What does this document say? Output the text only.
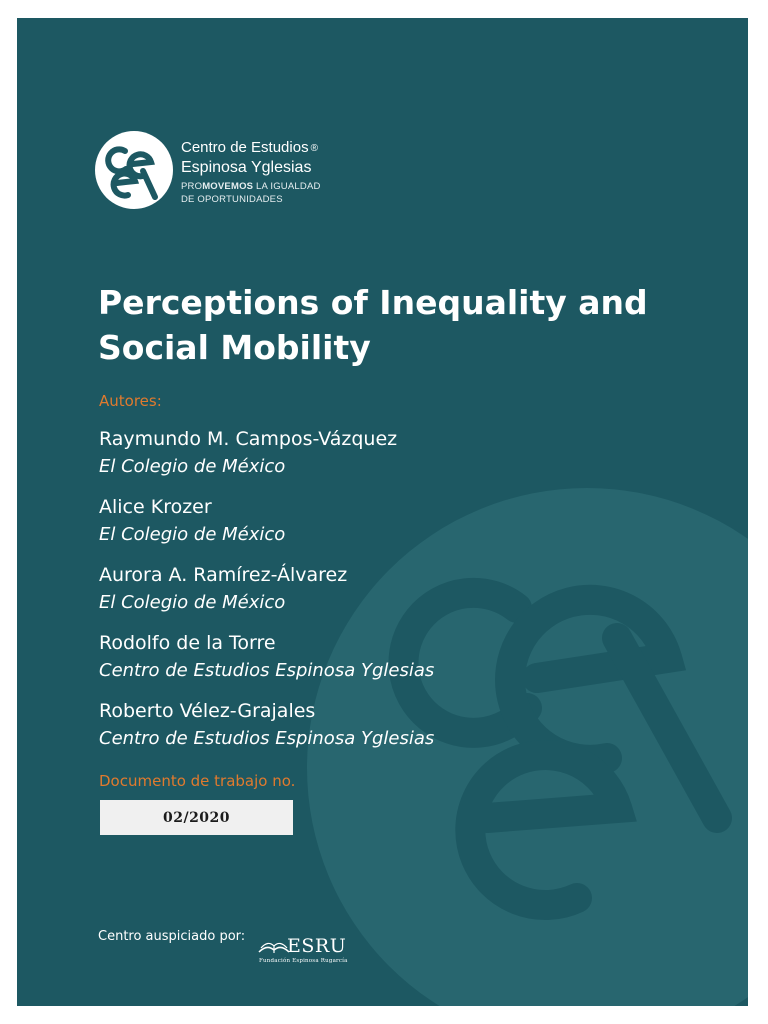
Centro de Estudios ®
Espinosa Yglesias
PROMOVEMOS LA IGUALDAD
DE OPORTUNIDADES
Perceptions of Inequality and
Social Mobility
Autores:
Raymundo M. Campos-Vázquez
El Colegio de México
Alice Krozer
El Colegio de México
Aurora A. Ramírez-Álvarez
El Colegio de México
Rodolfo de la Torre
Centro de Estudios Espinosa Yglesias
Roberto Vélez-Grajales
Centro de Estudios Espinosa Yglesias
Documento de trabajo no.
02/2020
Centro auspiciado por: ESRU
Fundación Espinosa Rugarcía
